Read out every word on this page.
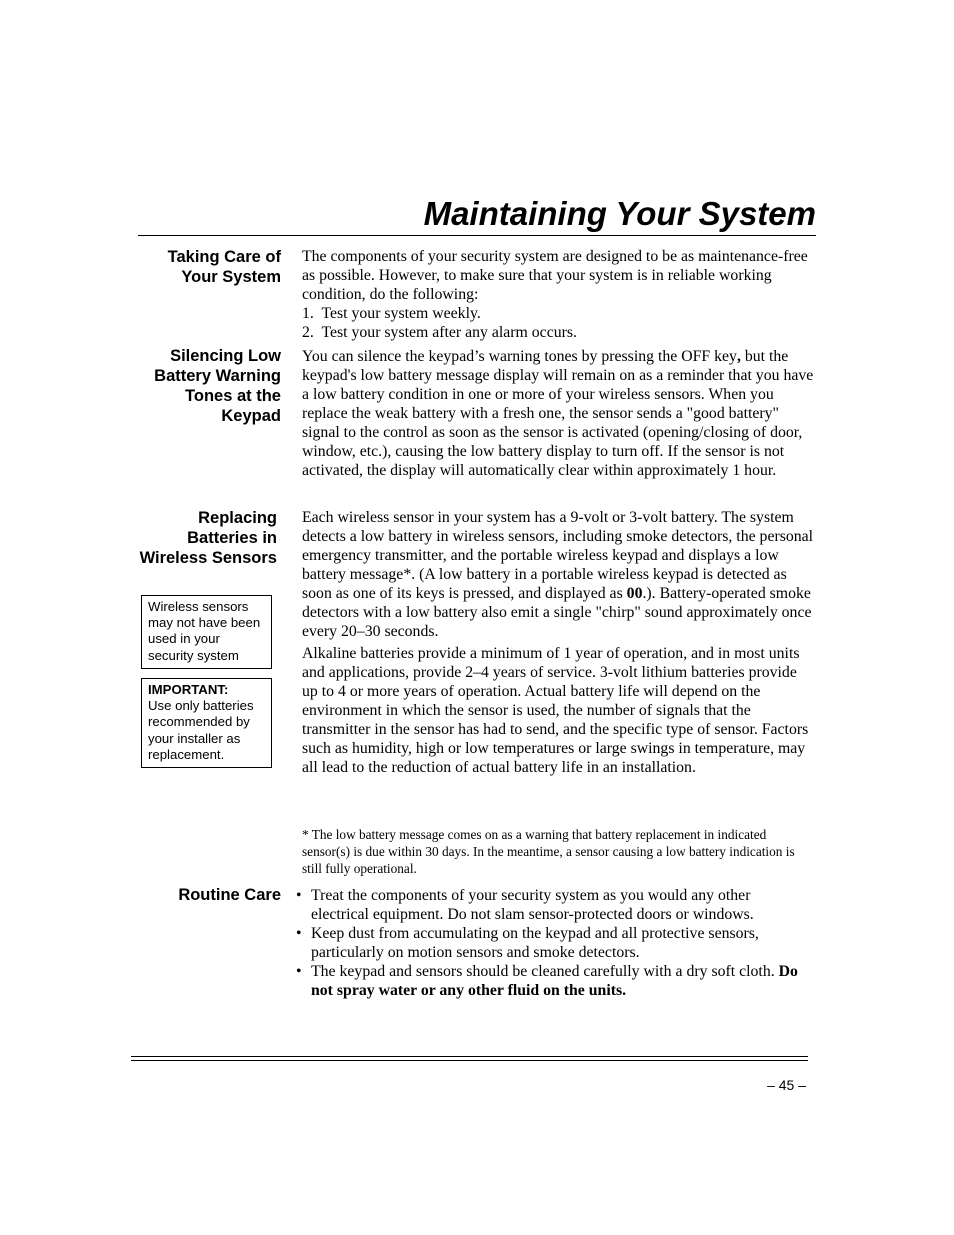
Maintaining Your System
Taking Care of
Your System

The components of your security system are designed to be as maintenance-free as possible. However, to make sure that your system is in reliable working condition, do the following:

1.  Test your system weekly.
2.  Test your system after any alarm occurs.
Silencing Low
Battery Warning
Tones at the
Keypad

You can silence the keypad’s warning tones by pressing the OFF key, but the keypad's low battery message display will remain on as a reminder that you have a low battery condition in one or more of your wireless sensors. When you replace the weak battery with a fresh one, the sensor sends a "good battery" signal to the control as soon as the sensor is activated (opening/closing of door, window, etc.), causing the low battery display to turn off. If the sensor is not activated, the display will automatically clear within approximately 1 hour.

Replacing
Batteries in
Wireless Sensors

Each wireless sensor in your system has a 9-volt or 3-volt battery. The system detects a low battery in wireless sensors, including smoke detectors, the personal emergency transmitter, and the portable wireless keypad and displays a low battery message*. (A low battery in a portable wireless keypad is detected as soon as one of its keys is pressed, and displayed as 00.). Battery-operated smoke detectors with a low battery also emit a single "chirp" sound approximately once every 20–30 seconds.

Alkaline batteries provide a minimum of 1 year of operation, and in most units and applications, provide 2–4 years of service. 3-volt lithium batteries provide up to 4 or more years of operation. Actual battery life will depend on the environment in which the sensor is used, the number of signals that the transmitter in the sensor has had to send, and the specific type of sensor. Factors such as humidity, high or low temperatures or large swings in temperature, may all lead to the reduction of actual battery life in an installation.

Wireless sensors may not have been used in your security system
IMPORTANT:
Use only batteries recommended by your installer as replacement.
* The low battery message comes on as a warning that battery replacement in indicated sensor(s) is due within 30 days. In the meantime, a sensor causing a low battery indication is still fully operational.
Routine Care • Treat the components of your security system as you would any other electrical equipment. Do not slam sensor-protected doors or windows.
• Keep dust from accumulating on the keypad and all protective sensors, particularly on motion sensors and smoke detectors.
• The keypad and sensors should be cleaned carefully with a dry soft cloth. Do not spray water or any other fluid on the units.
– 45 –
